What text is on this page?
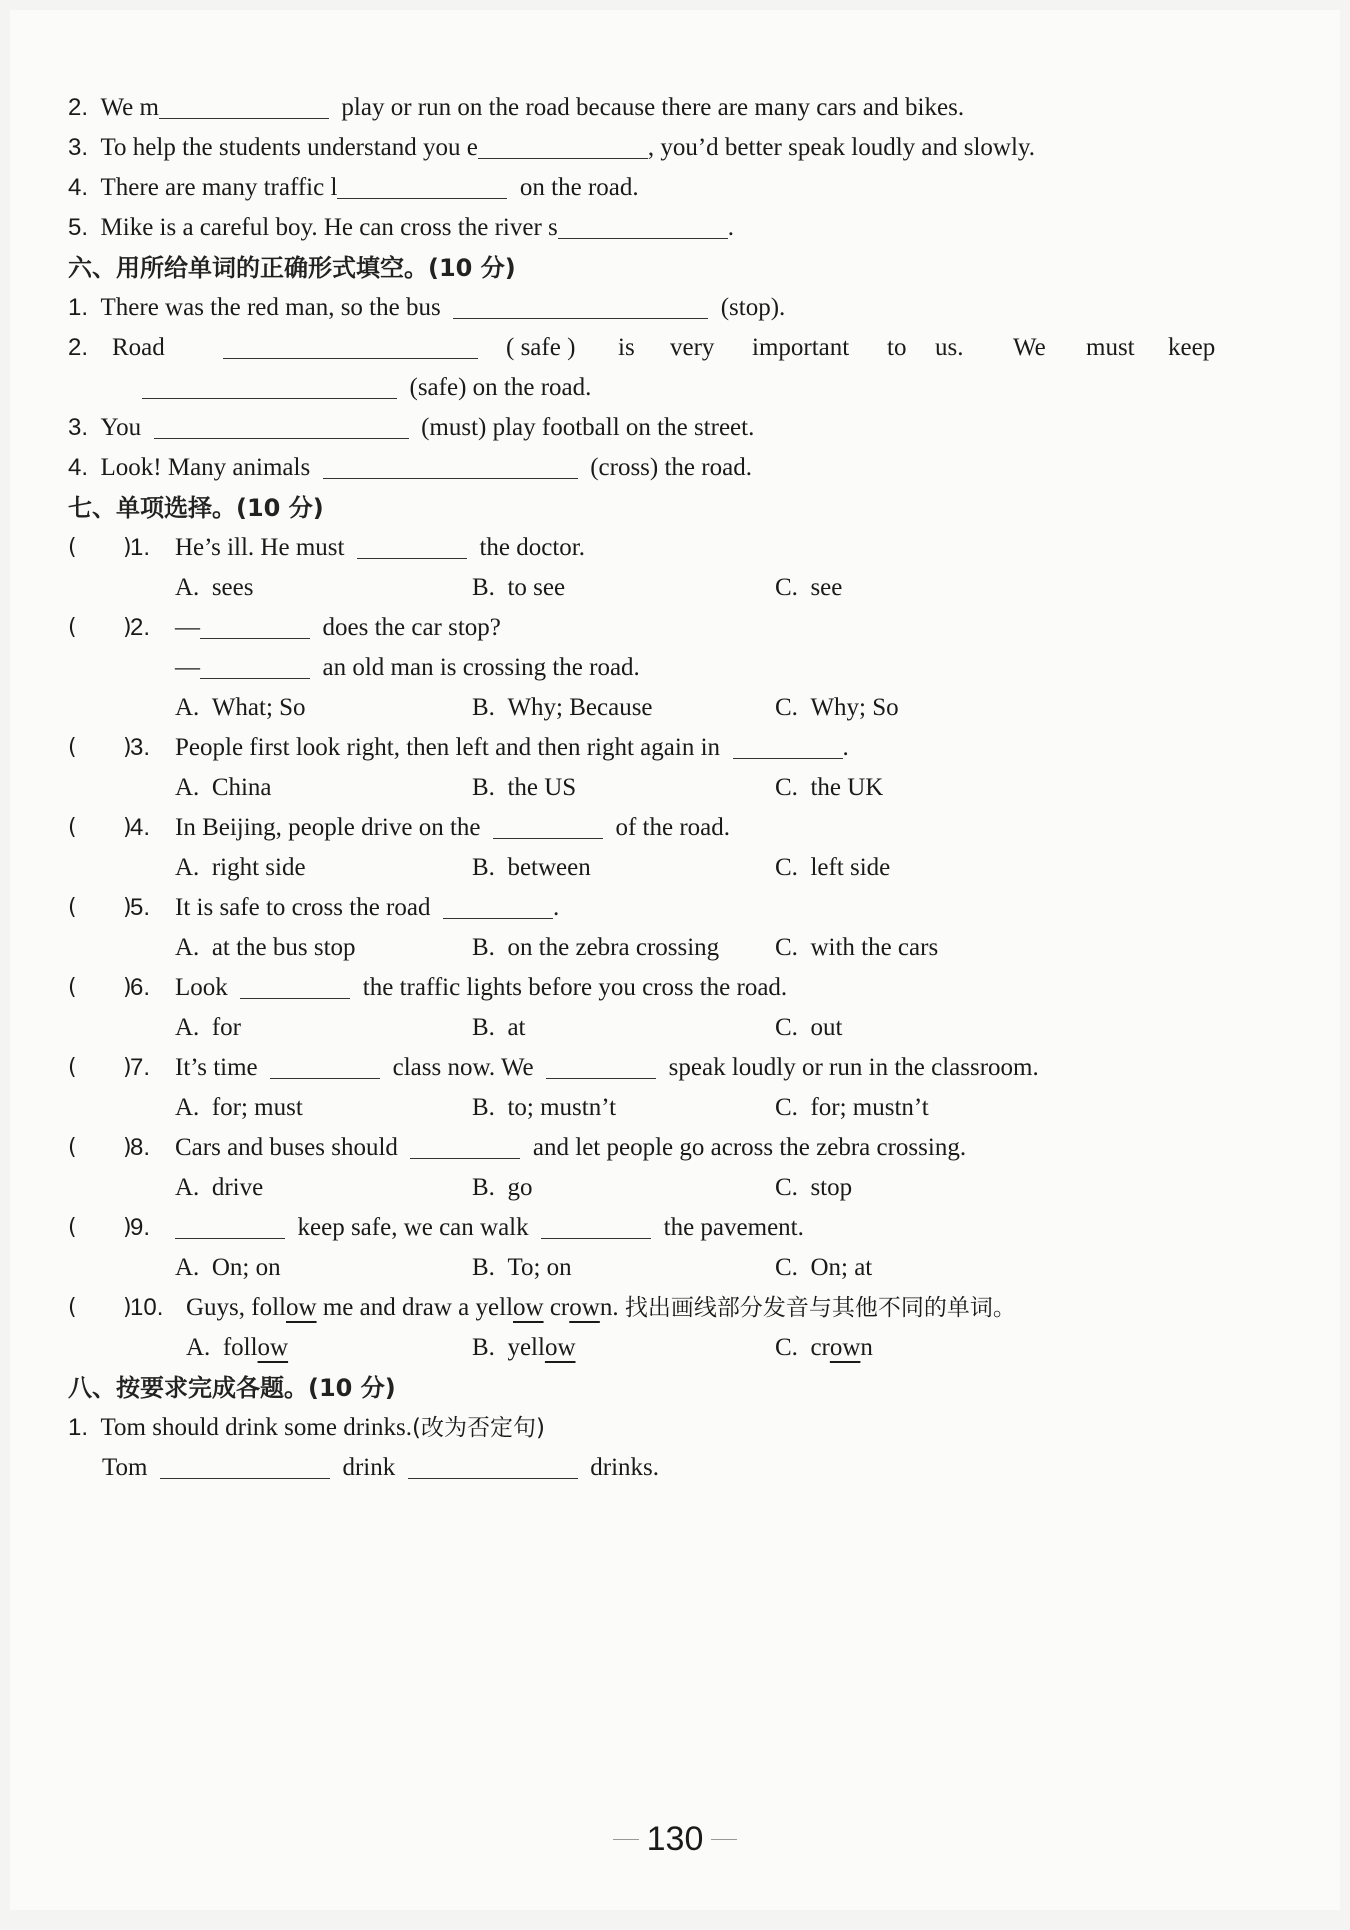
2. We m	play or run on the road because there are many cars and bikes.
3. To help the students understand you e	, you’d better speak loudly and slowly.
4. There are many traffic l	on the road.
5. Mike is a careful boy. He can cross the river s	.
六、用所给单词的正确形式填空。(10 分)
1. There was the red man, so the bus	(stop).
2. Road	( safe ) is very important to us. We must keep
(safe) on the road.
3. You	(must) play football on the street.
4. Look! Many animals	(cross) the road.
七、单项选择。(10 分)
( )
1. He’s ill. He must	the doctor.
A. sees	B. to see	C. see
( )
2. —	does the car stop?
—	an old man is crossing the road.
A. What; So	B. Why; Because	C. Why; So
( )
3. People first look right, then left and then right again in	.
A. China	B. the US	C. the UK
( )
4. In Beijing, people drive on the	of the road.
A. right side	B. between	C. left side
( )
5. It is safe to cross the road	.
A. at the bus stop	B. on the zebra crossing C. with the cars
( )
6. Look	the traffic lights before you cross the road.
A. for	B. at	C. out
( )
7. It’s time	class now. We	speak loudly or run in the classroom.
A. for; must	B. to; mustn’t	C. for; mustn’t
( )
8. Cars and buses should	and let people go across the zebra crossing.
A. drive	B. go	C. stop
( )
9.	keep safe, we can walk	the pavement.
A. On; on	B. To; on	C. On; at
( )
10. Guys, follow me and draw a yellow crown. 找出画线部分发音与其他不同的单词。
A. follow	B. yellow	C. crown
八、按要求完成各题。(10 分)
1. Tom should drink some drinks.(改为否定句)
Tom	drink	drinks.
130
